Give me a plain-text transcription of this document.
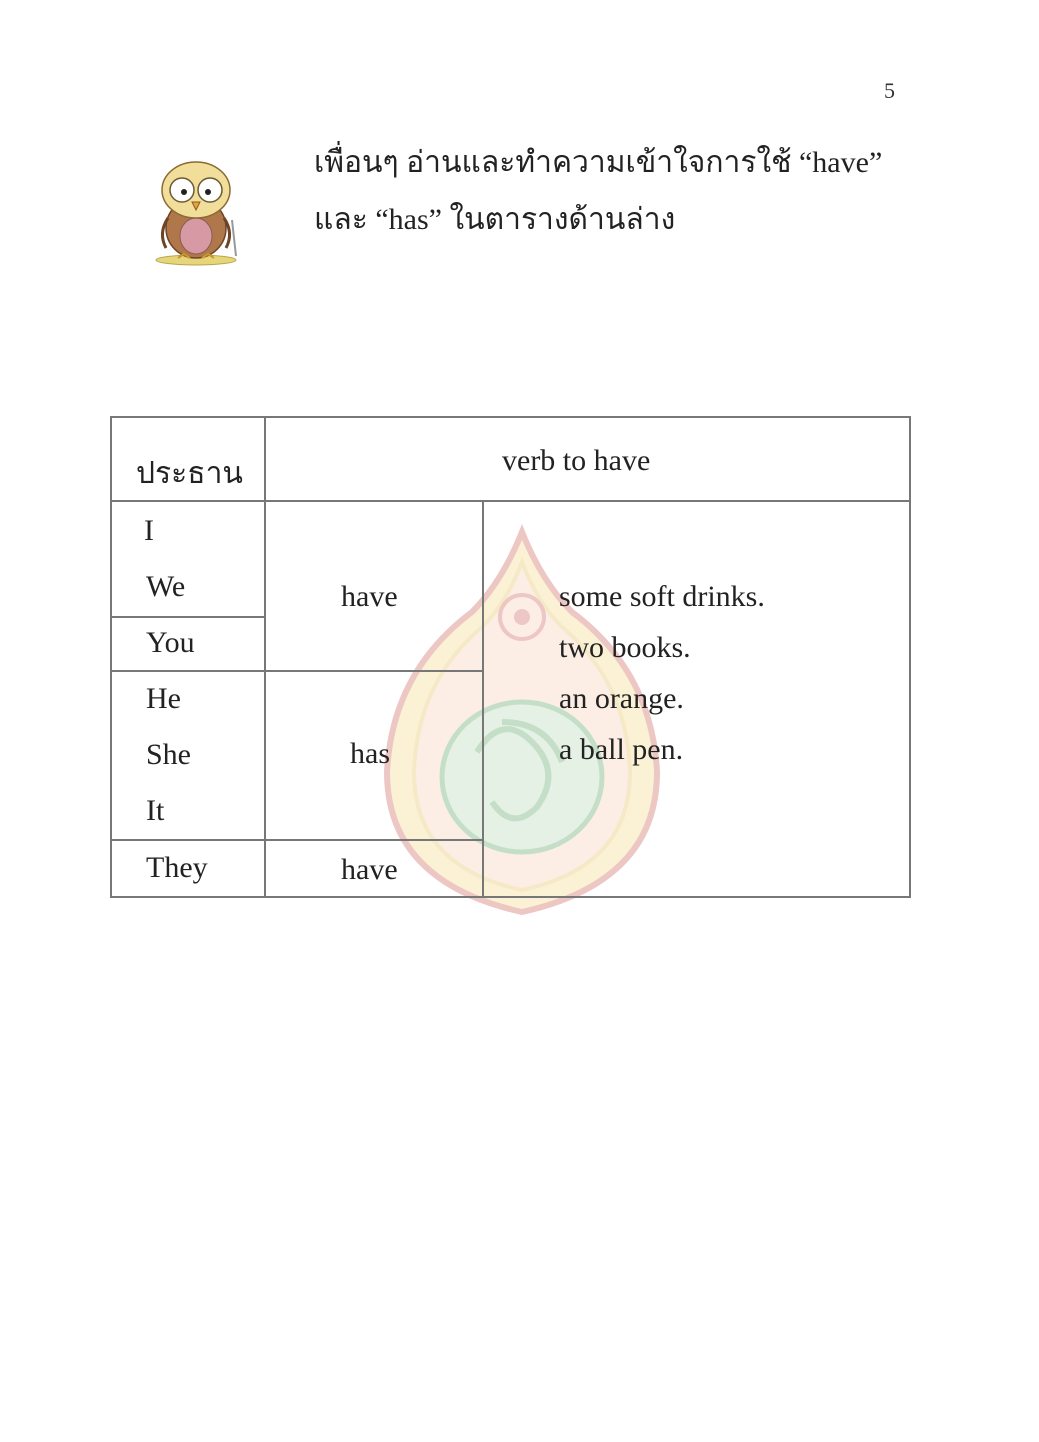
5
เพื่อนๆ อ่านและทำความเข้าใจการใช้ “have”
และ “has” ในตารางด้านล่าง
ประธาน	verb to have
I
We
You
He
She
It
They
have
has
have
some soft drinks.
two books.
an orange.
a ball pen.
